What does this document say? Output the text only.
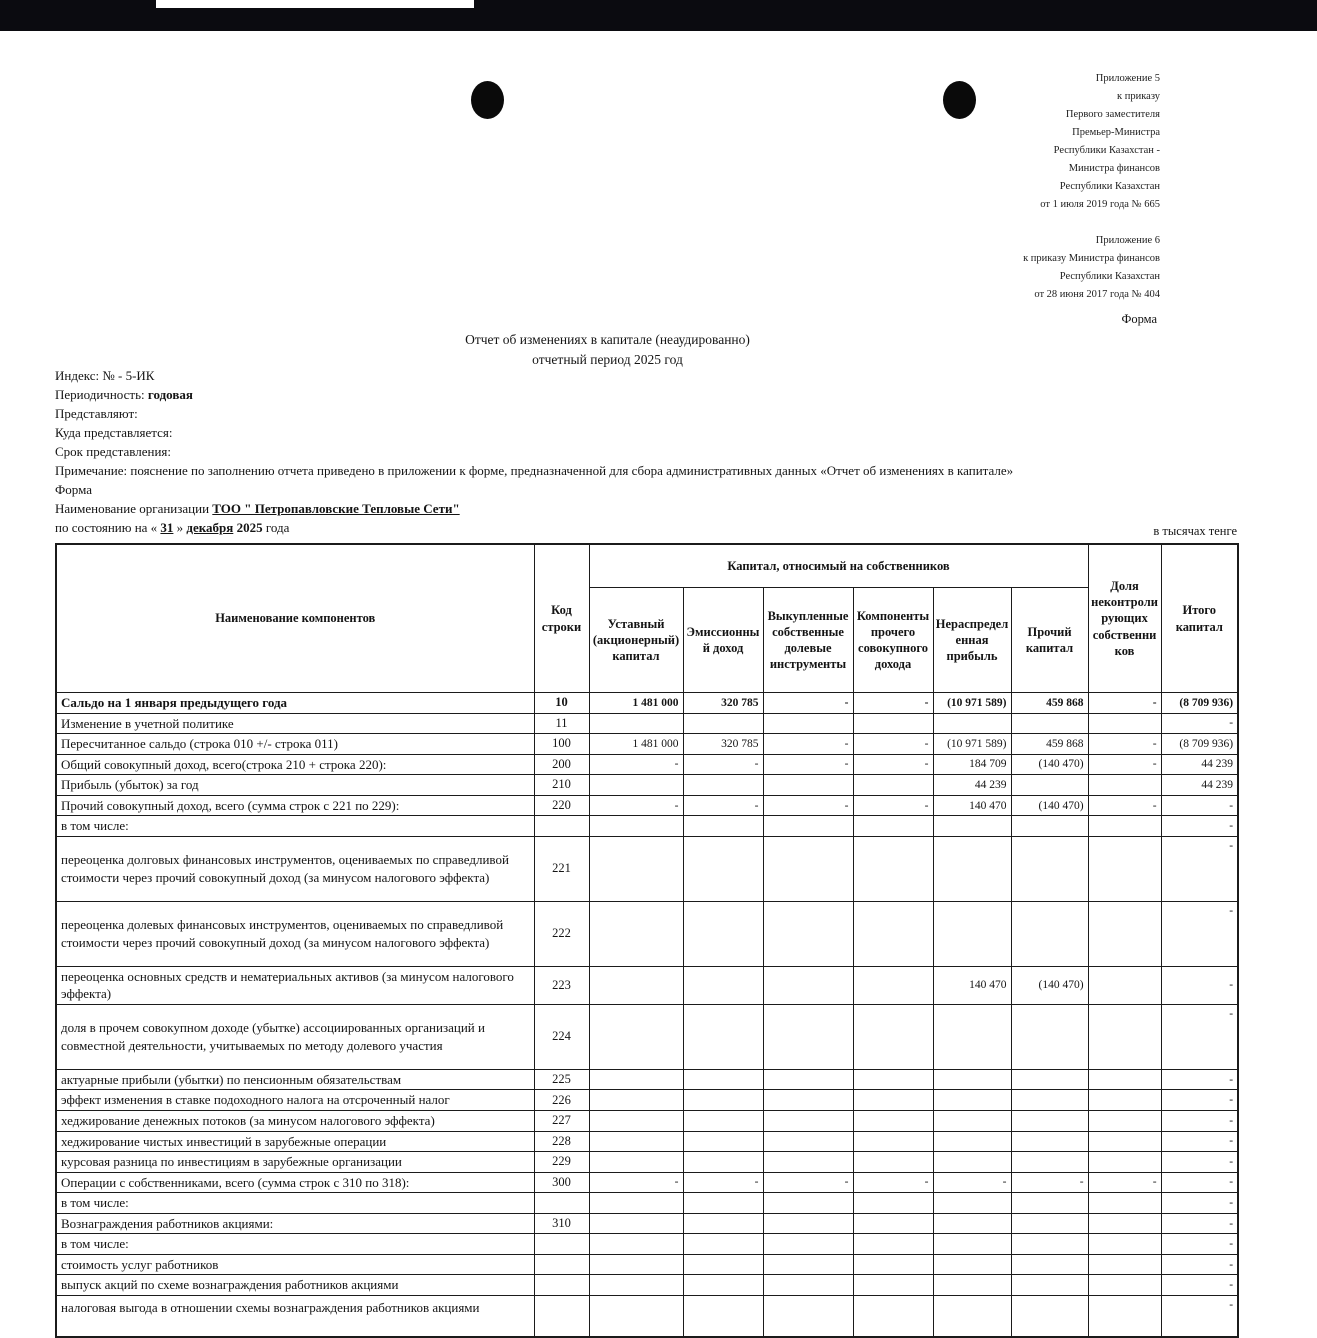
Приложение 5
к приказу
Первого заместителя
Премьер-Министра
Республики Казахстан -
Министра финансов
Республики Казахстан
от 1 июля 2019 года № 665
Приложение 6
к приказу Министра финансов
Республики Казахстан
от 28 июня 2017 года № 404
Форма
Отчет об изменениях в капитале (неаудированно)
отчетный период 2025 год
Индекс: № - 5-ИК
Периодичность: годовая
Представляют:
Куда представляется:
Срок представления:
Примечание: пояснение по заполнению отчета приведено в приложении к форме, предназначенной для сбора административных данных «Отчет об изменениях в капитале»
Форма
Наименование организации ТОО " Петропавловские Тепловые Сети"
по состоянию на « 31 » декабря 2025 года	в тысячах тенге
Наименование компонентов	Код строки	Капитал, относимый на собственников						Доля неконтролирующих собственников	Итого капитал
		Уставный (акционерный) капитал	Эмиссионный доход	Выкупленные собственные долевые инструменты	Компоненты прочего совокупного дохода	Нераспределенная прибыль	Прочий капитал		
Сальдо на 1 января предыдущего года	10	1 481 000	320 785	-	-	(10 971 589)	459 868	-	(8 709 936)
Изменение в учетной политике	11								-
Пересчитанное сальдо (строка 010 +/- строка 011)	100	1 481 000	320 785	-	-	(10 971 589)	459 868	-	(8 709 936)
Общий совокупный доход, всего(строка 210 + строка 220):	200	-	-	-	-	184 709	(140 470)	-	44 239
Прибыль (убыток) за год	210					44 239			44 239
Прочий совокупный доход, всего (сумма строк с 221 по 229):	220	-	-	-	-	140 470	(140 470)	-	-
в том числе:									-
переоценка долговых финансовых инструментов, оцениваемых по справедливой стоимости через прочий совокупный доход (за минусом налогового эффекта)	221								-
переоценка долевых финансовых инструментов, оцениваемых по справедливой стоимости через прочий совокупный доход (за минусом налогового эффекта)	222								-
переоценка основных средств и нематериальных активов (за минусом налогового эффекта)	223					140 470	(140 470)		-
доля в прочем совокупном доходе (убытке) ассоциированных организаций и совместной деятельности, учитываемых по методу долевого участия	224								-
актуарные прибыли (убытки) по пенсионным обязательствам	225								-
эффект изменения в ставке подоходного налога на отсроченный налог	226								-
хеджирование денежных потоков (за минусом налогового эффекта)	227								-
хеджирование чистых инвестиций в зарубежные операции	228								-
курсовая разница по инвестициям в зарубежные организации	229								-
Операции с собственниками, всего (сумма строк с 310 по 318):	300	-	-	-	-	-	-	-	-
в том числе:									-
Вознаграждения работников акциями:	310								-
в том числе:									-
стоимость услуг работников									-
выпуск акций по схеме вознаграждения работников акциями									-
налоговая выгода в отношении схемы вознаграждения работников акциями									-
